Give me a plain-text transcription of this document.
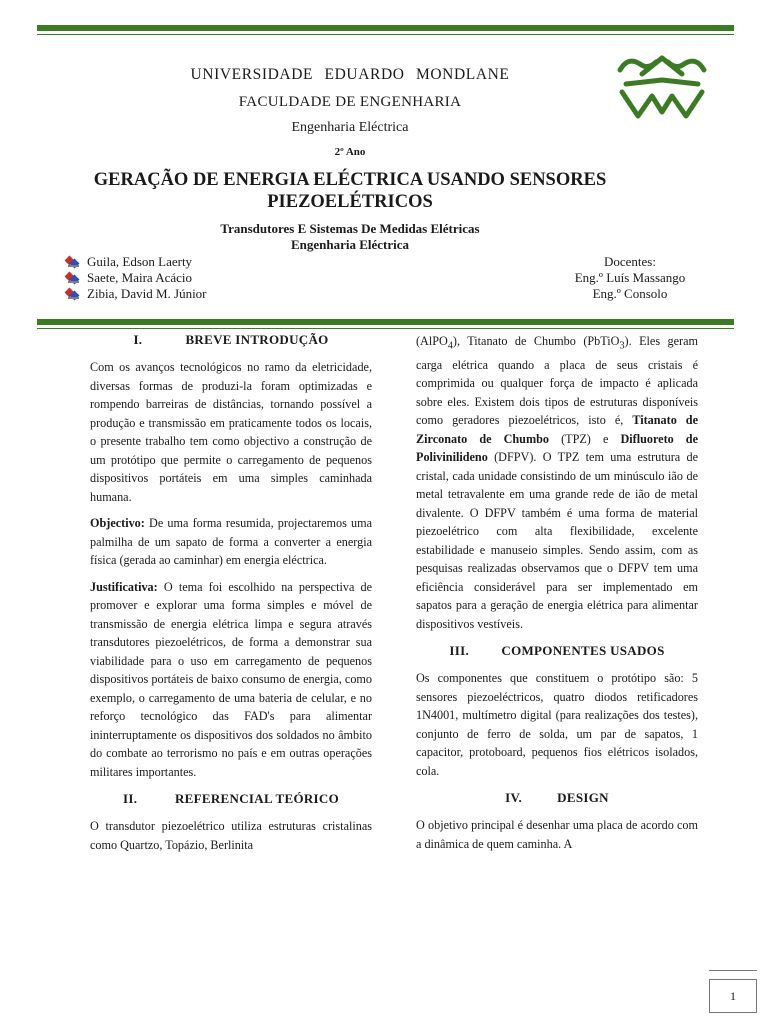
UNIVERSIDADE EDUARDO MONDLANE
FACULDADE DE ENGENHARIA
Engenharia Eléctrica
2º Ano
GERAÇÃO DE ENERGIA ELÉCTRICA USANDO SENSORES
PIEZOELÉTRICOS
Transdutores E Sistemas De Medidas Elétricas
Engenharia Eléctrica
Guila, Edson Laerty
Saete, Maira Acácio
Zibia, David M. Júnior
Docentes:
Eng.º Luís Massango
Eng.º Consolo
I.	BREVE INTRODUÇÃO

Com os avanços tecnológicos no ramo da eletricidade, diversas formas de produzi-la foram optimizadas e rompendo barreiras de distâncias, tornando possível a produção e transmissão em praticamente todos os locais, o presente trabalho tem como objectivo a construção de um protótipo que permite o carregamento de pequenos dispositivos portáteis em uma simples caminhada humana.

Objectivo: De uma forma resumida, projectaremos uma palmilha de um sapato de forma a converter a energia física (gerada ao caminhar) em energia eléctrica.

Justificativa: O tema foi escolhido na perspectiva de promover e explorar uma forma simples e móvel de transmissão de energia elétrica limpa e segura através transdutores piezoelétricos, de forma a demonstrar sua viabilidade para o uso em carregamento de pequenos dispositivos portáteis de baixo consumo de energia, como exemplo, o carregamento de uma bateria de celular, e no reforço tecnológico das FAD's para alimentar ininterruptamente os dispositivos dos soldados no âmbito do combate ao terrorismo no país e em outras operações militares importantes.

II.	REFERENCIAL TEÓRICO

O transdutor piezoelétrico utiliza estruturas cristalinas como Quartzo, Topázio, Berlinita

(AlPO$_4$), Titanato de Chumbo (PbTiO$_3$). Eles geram carga elétrica quando a placa de seus cristais é comprimida ou qualquer força de impacto é aplicada sobre eles. Existem dois tipos de estruturas disponíveis como geradores piezoelétricos, isto é, Titanato de Zirconato de Chumbo (TPZ) e Difluoreto de Polivinilideno (DFPV). O TPZ tem uma estrutura de cristal, cada unidade consistindo de um minúsculo ião de metal tetravalente em uma grande rede de ião de metal divalente. O DFPV também é uma forma de material piezoelétrico com alta flexibilidade, excelente estabilidade e manuseio simples. Sendo assim, com as pesquisas realizadas observamos que o DFPV tem uma eficiência considerável para ser implementado em sapatos para a geração de energia elétrica para alimentar dispositivos vestíveis.

III.	COMPONENTES USADOS

Os componentes que constituem o protótipo são: 5 sensores piezoeléctricos, quatro diodos retificadores 1N4001, multímetro digital (para realizações dos testes), conjunto de ferro de solda, um par de sapatos, 1 capacitor, protoboard, pequenos fios elétricos isolados, cola.

IV.	DESIGN

O objetivo principal é desenhar uma placa de acordo com a dinâmica de quem caminha. A

1
